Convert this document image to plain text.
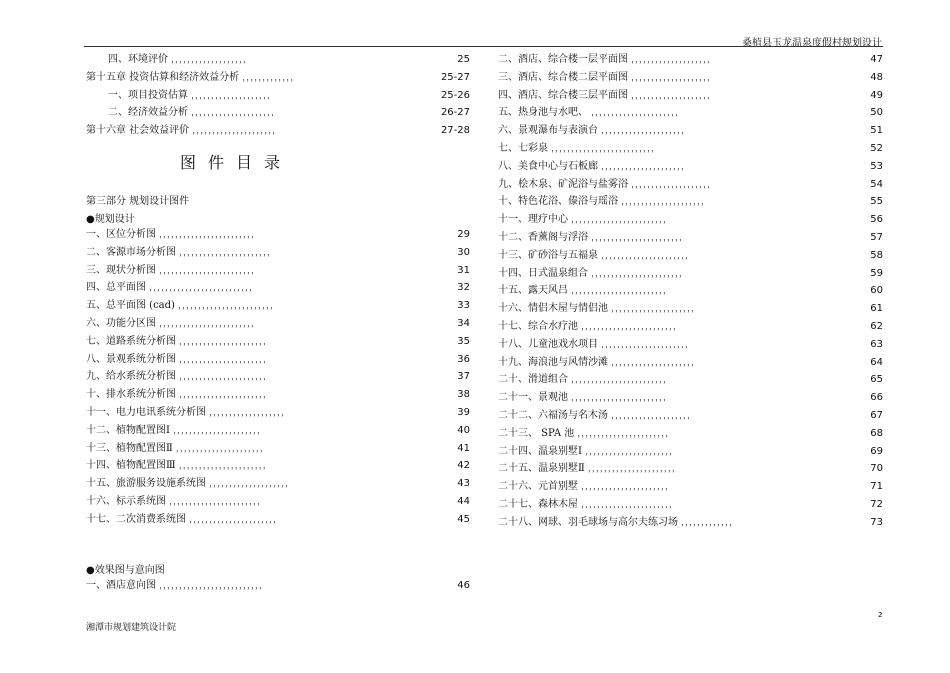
桑植县玉龙温泉度假村规划设计
四、环境评价 ，，，，，，，，，，，，，，，，，，，	25
第十五章 投资估算和经济效益分析 ，，，，，，，，，，，，，	25-27
一、项目投资估算 ，，，，，，，，，，，，，，，，，，，，	25-26
二、经济效益分析 ，，，，，，，，，，，，，，，，，，，，，	26-27
第十六章 社会效益评价 ，，，，，，，，，，，，，，，，，，，，，	27-28
图件目录
第三部分 规划设计图件
●规划设计
一、区位分析图 ，，，，，，，，，，，，，，，，，，，，，，，，	29
二、客源市场分析图 ，，，，，，，，，，，，，，，，，，，，，，，	30
三、现状分析图 ，，，，，，，，，，，，，，，，，，，，，，，，	31
四、总平面图 ，，，，，，，，，，，，，，，，，，，，，，，，，，	32
五、总平面图 (cad) ，，，，，，，，，，，，，，，，，，，，，，，，	33
六、功能分区图 ，，，，，，，，，，，，，，，，，，，，，，，，	34
七、道路系统分析图 ，，，，，，，，，，，，，，，，，，，，，，	35
八、景观系统分析图 ，，，，，，，，，，，，，，，，，，，，，，	36
九、给水系统分析图 ，，，，，，，，，，，，，，，，，，，，，，	37
十、排水系统分析图 ，，，，，，，，，，，，，，，，，，，，，，	38
十一、电力电讯系统分析图 ，，，，，，，，，，，，，，，，，，，	39
十二、植物配置图Ⅰ ，，，，，，，，，，，，，，，，，，，，，，	40
十三、植物配置图Ⅱ ，，，，，，，，，，，，，，，，，，，，，，	41
十四、植物配置图Ⅲ ，，，，，，，，，，，，，，，，，，，，，，	42
十五、旅游服务设施系统图 ，，，，，，，，，，，，，，，，，，，，	43
十六、标示系统图 ，，，，，，，，，，，，，，，，，，，，，，，	44
十七、二次消费系统图 ，，，，，，，，，，，，，，，，，，，，，，	45
●效果图与意向图
一、酒店意向图 ，，，，，，，，，，，，，，，，，，，，，，，，，，	46
二、酒店、综合楼一层平面图 ，，，，，，，，，，，，，，，，，，，，	47
三、酒店、综合楼二层平面图 ，，，，，，，，，，，，，，，，，，，，	48
四、酒店、综合楼三层平面图 ，，，，，，，，，，，，，，，，，，，，	49
五、热身池与水吧、 ，，，，，，，，，，，，，，，，，，，，，，	50
六、景观瀑布与表演台 ，，，，，，，，，，，，，，，，，，，，，	51
七、七彩泉 ，，，，，，，，，，，，，，，，，，，，，，，，，，	52
八、美食中心与石板廊 ，，，，，，，，，，，，，，，，，，，，，	53
九、桧木泉、矿泥浴与盐雾浴 ，，，，，，，，，，，，，，，，，，，，	54
十、特色花浴、傣浴与瑶浴 ，，，，，，，，，，，，，，，，，，，，，	55
十一、理疗中心 ，，，，，，，，，，，，，，，，，，，，，，，，	56
十二、香薰阁与浮浴 ，，，，，，，，，，，，，，，，，，，，，，，	57
十三、矿砂浴与五福泉 ，，，，，，，，，，，，，，，，，，，，，，	58
十四、日式温泉组合 ，，，，，，，，，，，，，，，，，，，，，，，	59
十五、露天风吕 ，，，，，，，，，，，，，，，，，，，，，，，，	60
十六、情侣木屋与情侣池 ，，，，，，，，，，，，，，，，，，，，，	61
十七、综合水疗池 ，，，，，，，，，，，，，，，，，，，，，，，，	62
十八、儿童池戏水项目 ，，，，，，，，，，，，，，，，，，，，，，	63
十九、海浪池与风情沙滩 ，，，，，，，，，，，，，，，，，，，，，	64
二十、滑道组合 ，，，，，，，，，，，，，，，，，，，，，，，，	65
二十一、景观池 ，，，，，，，，，，，，，，，，，，，，，，，，	66
二十二、六福汤与名木汤 ，，，，，，，，，，，，，，，，，，，，	67
二十三、 SPA 池 ，，，，，，，，，，，，，，，，，，，，，，，	68
二十四、温泉别墅Ⅰ ，，，，，，，，，，，，，，，，，，，，，，	69
二十五、温泉别墅Ⅱ ，，，，，，，，，，，，，，，，，，，，，，	70
二十六、元首别墅 ，，，，，，，，，，，，，，，，，，，，，，	71
二十七、森林木屋 ，，，，，，，，，，，，，，，，，，，，，，，	72
二十八、网球、羽毛球场与高尔夫练习场 ，，，，，，，，，，，，，	73
湘潭市规划建筑设计院
2
